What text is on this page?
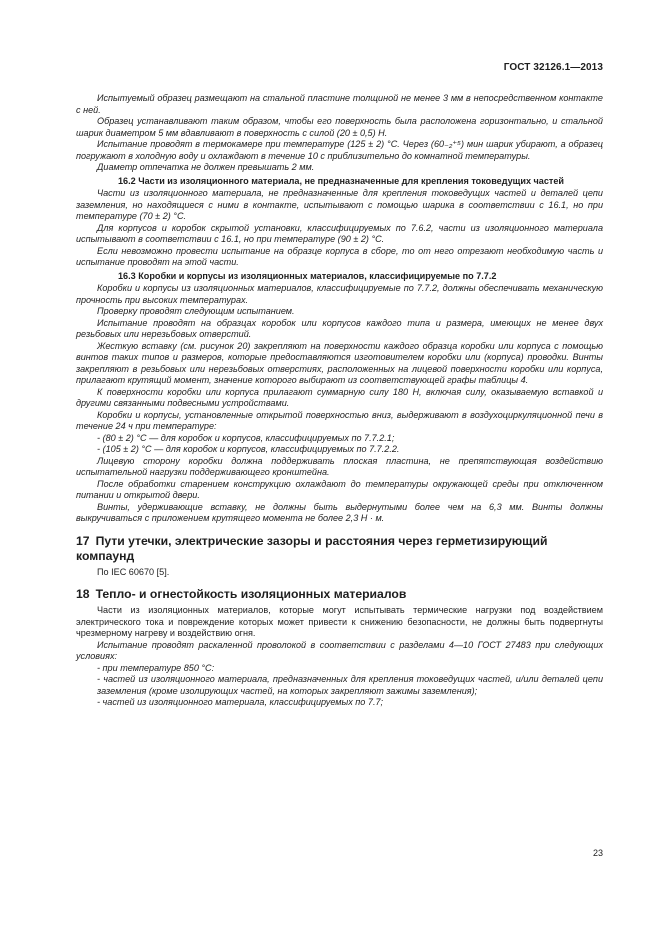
ГОСТ 32126.1—2013

Испытуемый образец размещают на стальной пластине толщиной не менее 3 мм в непосредственном контакте с ней.

Образец устанавливают таким образом, чтобы его поверхность была расположена горизонтально, и стальной шарик диаметром 5 мм вдавливают в поверхность с силой (20 ± 0,5) Н.

Испытание проводят в термокамере при температуре (125 ± 2) °С. Через (60₋₂⁺⁵) мин шарик убирают, а образец погружают в холодную воду и охлаждают в течение 10 с приблизительно до комнатной температуры.

Диаметр отпечатка не должен превышать 2 мм.

16.2 Части из изоляционного материала, не предназначенные для крепления токоведущих частей

Части из изоляционного материала, не предназначенные для крепления токоведущих частей и деталей цепи заземления, но находящиеся с ними в контакте, испытывают с помощью шарика в соответствии с 16.1, но при температуре (70 ± 2) °С.

Для корпусов и коробок скрытой установки, классифицируемых по 7.6.2, части из изоляционного материала испытывают в соответствии с 16.1, но при температуре (90 ± 2) °С.

Если невозможно провести испытание на образце корпуса в сборе, то от него отрезают необходимую часть и испытание проводят на этой части.

16.3 Коробки и корпусы из изоляционных материалов, классифицируемые по 7.7.2

Коробки и корпусы из изоляционных материалов, классифицируемые по 7.7.2, должны обеспечивать механическую прочность при высоких температурах.

Проверку проводят следующим испытанием.

Испытание проводят на образцах коробок или корпусов каждого типа и размера, имеющих не менее двух резьбовых или нерезьбовых отверстий.

Жесткую вставку (см. рисунок 20) закрепляют на поверхности каждого образца коробки или корпуса с помощью винтов таких типов и размеров, которые предоставляются изготовителем коробки или (корпуса) проводки. Винты закрепляют в резьбовых или нерезьбовых отверстиях, расположенных на лицевой поверхности коробки или корпуса, прилагают крутящий момент, значение которого выбирают из соответствующей графы таблицы 4.

К поверхности коробки или корпуса прилагают суммарную силу 180 Н, включая силу, оказываемую вставкой и другими связанными подвесными устройствами.

Коробки и корпусы, установленные открытой поверхностью вниз, выдерживают в воздухоциркуляционной печи в течение 24 ч при температуре:

- (80 ± 2) °С — для коробок и корпусов, классифицируемых по 7.7.2.1;

- (105 ± 2) °С — для коробок и корпусов, классифицируемых по 7.7.2.2.

Лицевую сторону коробки должна поддерживать плоская пластина, не препятствующая воздействию испытательной нагрузки поддерживающего кронштейна.

После обработки старением конструкцию охлаждают до температуры окружающей среды при отключенном питании и открытой двери.

Винты, удерживающие вставку, не должны быть выдернутыми более чем на 6,3 мм. Винты должны выкручиваться с приложением крутящего момента не более 2,3 Н · м.

17 Пути утечки, электрические зазоры и расстояния через герметизирующий компаунд

По IEC 60670 [5].

18 Тепло- и огнестойкость изоляционных материалов

Части из изоляционных материалов, которые могут испытывать термические нагрузки под воздействием электрического тока и повреждение которых может привести к снижению безопасности, не должны быть подвергнуты чрезмерному нагреву и воздействию огня.

Испытание проводят раскаленной проволокой в соответствии с разделами 4—10 ГОСТ 27483 при следующих условиях:

- при температуре 850 °С:

- частей из изоляционного материала, предназначенных для крепления токоведущих частей, и/или деталей цепи заземления (кроме изолирующих частей, на которых закрепляют зажимы заземления);

- частей из изоляционного материала, классифицируемых по 7.7;

23
